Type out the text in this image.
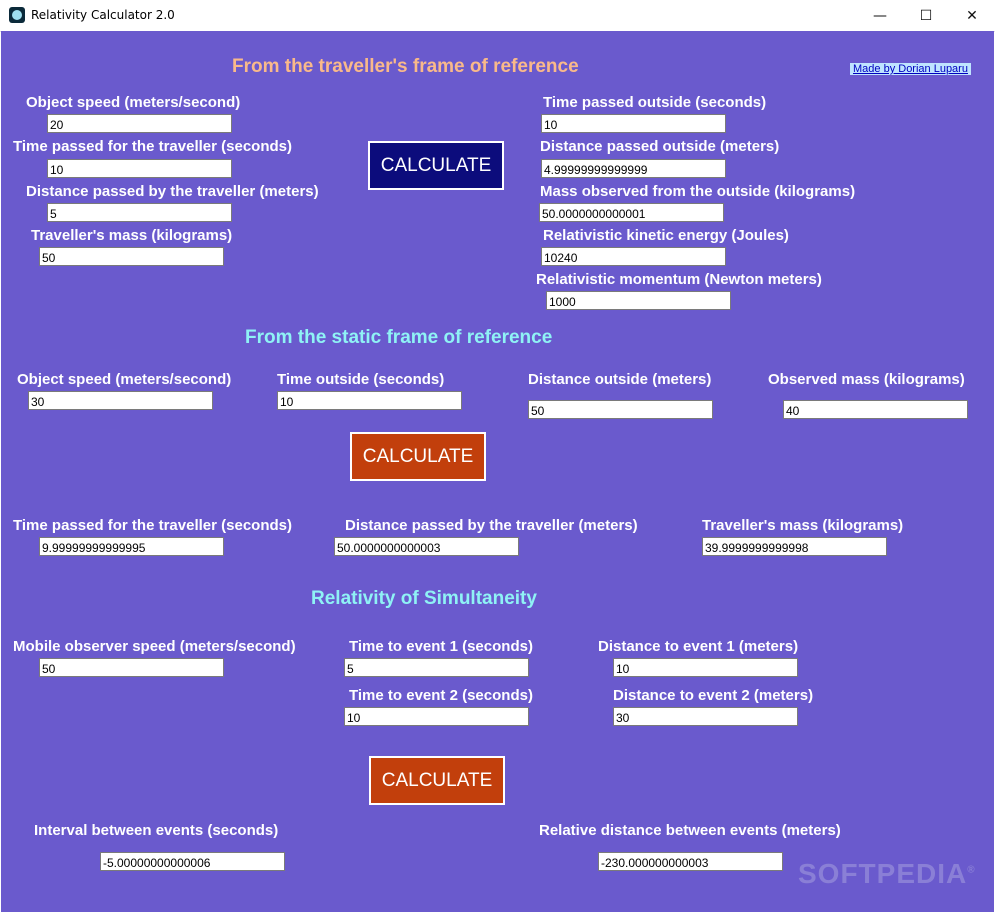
Relativity Calculator 2.0	—	☐	✕
From the traveller's frame of reference	Made by Dorian Luparu
Object speed (meters/second)
20
Time passed for the traveller (seconds)
10
Distance passed by the traveller (meters)
5
Traveller's mass (kilograms)
50
CALCULATE
Time passed outside (seconds)
10
Distance passed outside (meters)
4.99999999999999
Mass observed from the outside (kilograms)
50.0000000000001
Relativistic kinetic energy (Joules)
10240
Relativistic momentum (Newton meters)
1000
From the static frame of reference
Object speed (meters/second)
30	Time outside (seconds)
10	Distance outside (meters)
50	Observed mass (kilograms)
40
CALCULATE
Time passed for the traveller (seconds)
9.99999999999995	Distance passed by the traveller (meters)
50.0000000000003	Traveller's mass (kilograms)
39.9999999999998
Relativity of Simultaneity
Mobile observer speed (meters/second)
50	Time to event 1 (seconds)
5	Distance to event 1 (meters)
10
Time to event 2 (seconds)
10	Distance to event 2 (meters)
30
CALCULATE
Interval between events (seconds)
-5.00000000000006	Relative distance between events (meters)
-230.000000000003
SOFTPEDIA®
